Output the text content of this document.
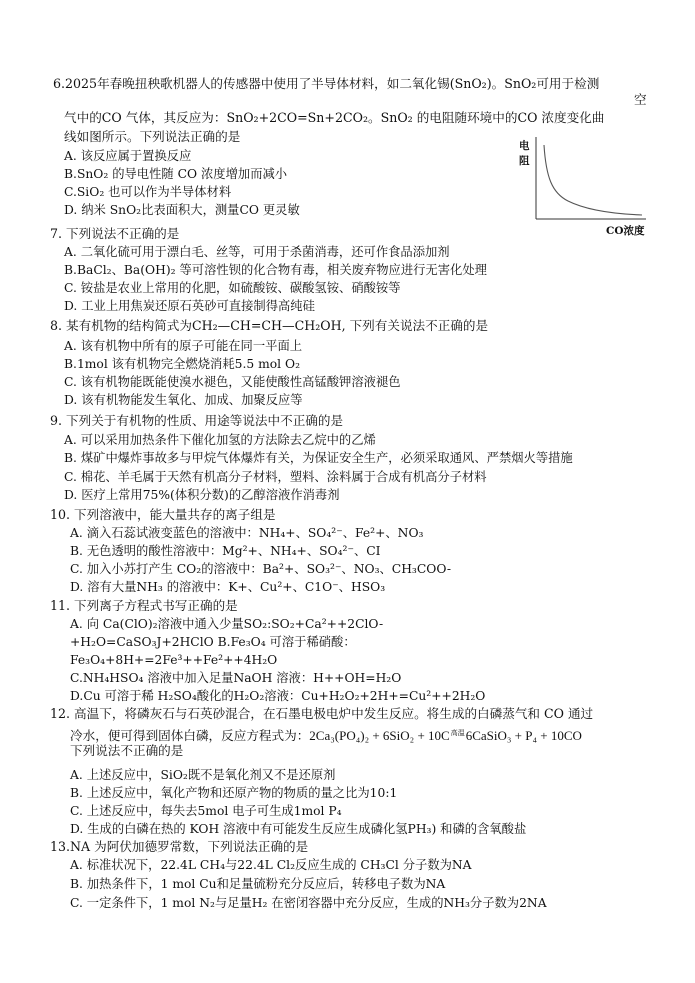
6.2025年春晚扭秧歌机器人的传感器中使用了半导体材料，如二氧化锡(SnO₂)。SnO₂可用于检测
空
气中的CO 气体，其反应为：SnO₂+2CO=Sn+2CO₂。SnO₂ 的电阻随环境中的CO 浓度变化曲
线如图所示。下列说法正确的是
A. 该反应属于置换反应
B.SnO₂ 的导电性随 CO 浓度增加而减小
C.SiO₂ 也可以作为半导体材料
D. 纳米 SnO₂比表面积大，测量CO 更灵敏
电
阻
CO浓度
7. 下列说法不正确的是
A. 二氧化硫可用于漂白毛、丝等，可用于杀菌消毒，还可作食品添加剂
B.BaCl₂、Ba(OH)₂ 等可溶性钡的化合物有毒，相关废弃物应进行无害化处理
C. 铵盐是农业上常用的化肥，如硫酸铵、碳酸氢铵、硝酸铵等
D. 工业上用焦炭还原石英砂可直接制得高纯硅
8. 某有机物的结构简式为CH₂—CH=CH—CH₂OH, 下列有关说法不正确的是
A. 该有机物中所有的原子可能在同一平面上
B.1mol 该有机物完全燃烧消耗5.5 mol O₂
C. 该有机物能既能使溴水褪色，又能使酸性高锰酸钾溶液褪色
D. 该有机物能发生氧化、加成、加聚反应等
9. 下列关于有机物的性质、用途等说法中不正确的是
A. 可以采用加热条件下催化加氢的方法除去乙烷中的乙烯
B. 煤矿中爆炸事故多与甲烷气体爆炸有关，为保证安全生产，必须采取通风、严禁烟火等措施
C. 棉花、羊毛属于天然有机高分子材料，塑料、涂料属于合成有机高分子材料
D. 医疗上常用75%(体积分数)的乙醇溶液作消毒剂
10. 下列溶液中，能大量共存的离子组是
A. 滴入石蕊试液变蓝色的溶液中：NH₄+、SO₄²⁻、Fe²+、NO₃
B. 无色透明的酸性溶液中：Mg²+、NH₄+、SO₄²⁻、CI
C. 加入小苏打产生 CO₂的溶液中：Ba²+、SO₃²⁻、NO₃、CH₃COO-
D. 溶有大量NH₃ 的溶液中：K+、Cu²+、C1O⁻、HSO₃
11. 下列离子方程式书写正确的是
A. 向 Ca(ClO)₂溶液中通入少量SO₂:SO₂+Ca²++2ClO-
+H₂O=CaSO₃J+2HClO B.Fe₃O₄ 可溶于稀硝酸：
Fe₃O₄+8H+=2Fe³++Fe²++4H₂O
C.NH₄HSO₄ 溶液中加入足量NaOH 溶液：H++OH=H₂O
D.Cu 可溶于稀 H₂SO₄酸化的H₂O₂溶液：Cu+H₂O₂+2H+=Cu²++2H₂O
12. 高温下，将磷灰石与石英砂混合，在石墨电极电炉中发生反应。将生成的白磷蒸气和 CO 通过
冷水，便可得到固体白磷，反应方程式为：2Ca₃(PO₄)₂ + 6SiO₂ + 10C高温6CaSiO₃ + P₄ + 10CO
下列说法不正确的是
A. 上述反应中，SiO₂既不是氧化剂又不是还原剂
B. 上述反应中，氧化产物和还原产物的物质的量之比为10:1
C. 上述反应中，每失去5mol 电子可生成1mol P₄
D. 生成的白磷在热的 KOH 溶液中有可能发生反应生成磷化氢PH₃) 和磷的含氧酸盐
13.NA 为阿伏加德罗常数，下列说法正确的是
A. 标准状况下，22.4L CH₄与22.4L Cl₂反应生成的 CH₃Cl 分子数为NA
B. 加热条件下，1 mol Cu和足量硫粉充分反应后，转移电子数为NA
C. 一定条件下，1 mol N₂与足量H₂ 在密闭容器中充分反应，生成的NH₃分子数为2NA
